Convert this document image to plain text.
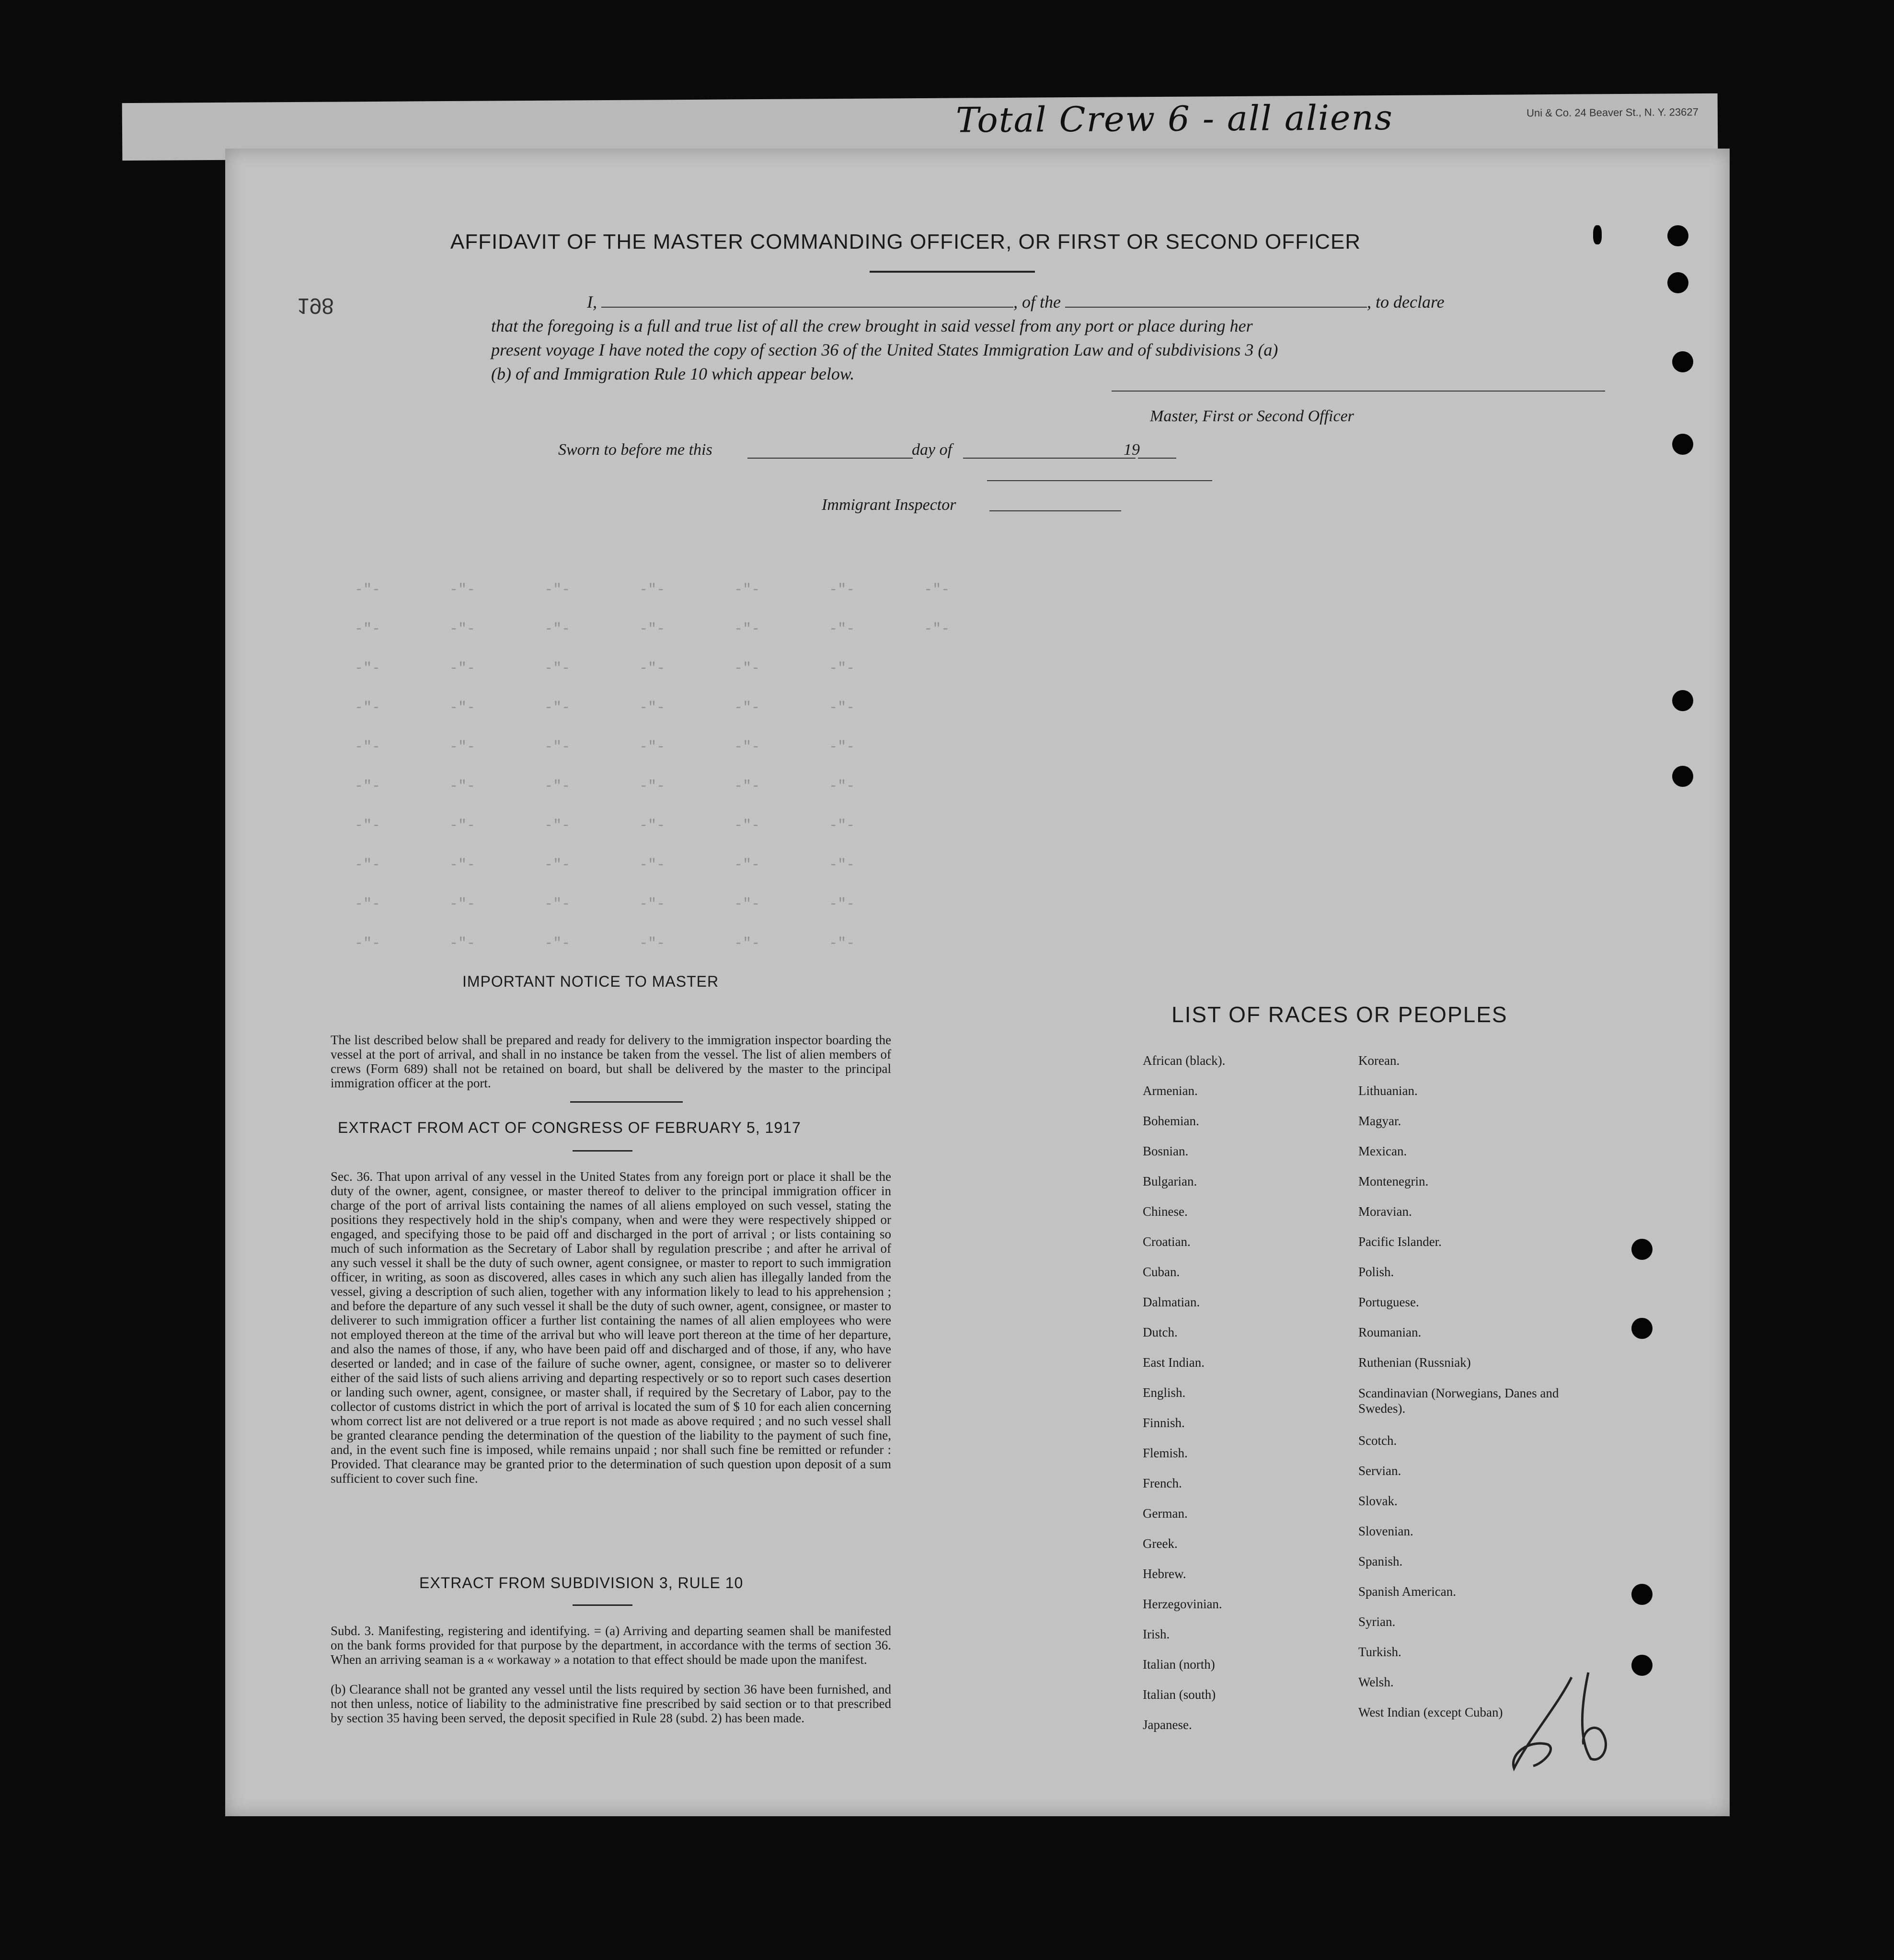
Total Crew 6 - all aliens	Uni & Co. 24 Beaver St., N. Y. 23627
198
-"-        -"-        -"-        -"-        -"-        -"-        -"-
-"-        -"-        -"-        -"-        -"-        -"-        -"-
-"-        -"-        -"-        -"-        -"-        -"-
-"-        -"-        -"-        -"-        -"-        -"-
-"-        -"-        -"-        -"-        -"-        -"-
-"-        -"-        -"-        -"-        -"-        -"-
-"-        -"-        -"-        -"-        -"-        -"-
-"-        -"-        -"-        -"-        -"-        -"-
-"-        -"-        -"-        -"-        -"-        -"-
-"-        -"-        -"-        -"-        -"-        -"-
AFFIDAVIT OF THE MASTER COMMANDING OFFICER, OR FIRST OR SECOND OFFICER
I,	, of the	, to declare
that the foregoing is a full and true list of all the crew brought in said vessel from any port or place during her
present voyage I have noted the copy of section 36 of the United States Immigration Law and of subdivisions 3 (a)
(b) of and Immigration Rule 10 which appear below.
Master, First or Second Officer
Sworn to before me this	day of	19
Immigrant Inspector
IMPORTANT NOTICE TO MASTER
The list described below shall be prepared and ready for delivery to the immigration inspector boarding the vessel at the port of arrival, and shall in no instance be taken from the vessel. The list of alien members of crews (Form 689) shall not be retained on board, but shall be delivered by the master to the principal immigration officer at the port.
EXTRACT FROM ACT OF CONGRESS OF FEBRUARY 5, 1917
Sec. 36. That upon arrival of any vessel in the United States from any foreign port or place it shall be the duty of the owner, agent, consignee, or master thereof to deliver to the principal immigration officer in charge of the port of arrival lists containing the names of all aliens employed on such vessel, stating the positions they respectively hold in the ship's company, when and were they were respectively shipped or engaged, and specifying those to be paid off and discharged in the port of arrival ; or lists containing so much of such information as the Secretary of Labor shall by regulation prescribe ; and after he arrival of any such vessel it shall be the duty of such owner, agent consignee, or master to report to such immigration officer, in writing, as soon as discovered, alles cases in which any such alien has illegally landed from the vessel, giving a description of such alien, together with any information likely to lead to his apprehension ; and before the departure of any such vessel it shall be the duty of such owner, agent, consignee, or master to deliverer to such immigration officer a further list containing the names of all alien employees who were not employed thereon at the time of the arrival but who will leave port thereon at the time of her departure, and also the names of those, if any, who have been paid off and discharged and of those, if any, who have deserted or landed; and in case of the failure of suche owner, agent, consignee, or master so to deliverer either of the said lists of such aliens arriving and departing respectively or so to report such cases desertion or landing such owner, agent, consignee, or master shall, if required by the Secretary of Labor, pay to the collector of customs district in which the port of arrival is located the sum of $ 10 for each alien concerning whom correct list are not delivered or a true report is not made as above required ; and no such vessel shall be granted clearance pending the determination of the question of the liability to the payment of such fine, and, in the event such fine is imposed, while remains unpaid ; nor shall such fine be remitted or refunder : Provided. That clearance may be granted prior to the determination of such question upon deposit of a sum sufficient to cover such fine.
EXTRACT FROM SUBDIVISION 3, RULE 10
Subd. 3. Manifesting, registering and identifying. = (a) Arriving and departing seamen shall be manifested on the bank forms provided for that purpose by the department, in accordance with the terms of section 36. When an arriving seaman is a « workaway » a notation to that effect should be made upon the manifest.
(b) Clearance shall not be granted any vessel until the lists required by section 36 have been furnished, and not then unless, notice of liability to the administrative fine prescribed by said section or to that prescribed by section 35 having been served, the deposit specified in Rule 28 (subd. 2) has been made.
LIST OF RACES OR PEOPLES
African (black).
Armenian.
Bohemian.
Bosnian.
Bulgarian.
Chinese.
Croatian.
Cuban.
Dalmatian.
Dutch.
East Indian.
English.
Finnish.
Flemish.
French.
German.
Greek.
Hebrew.
Herzegovinian.
Irish.
Italian (north)
Italian (south)
Japanese.
Korean.
Lithuanian.
Magyar.
Mexican.
Montenegrin.
Moravian.
Pacific Islander.
Polish.
Portuguese.
Roumanian.
Ruthenian (Russniak)
Scandinavian (Norwegians, Danes and Swedes).
Scotch.
Servian.
Slovak.
Slovenian.
Spanish.
Spanish American.
Syrian.
Turkish.
Welsh.
West Indian (except Cuban)
